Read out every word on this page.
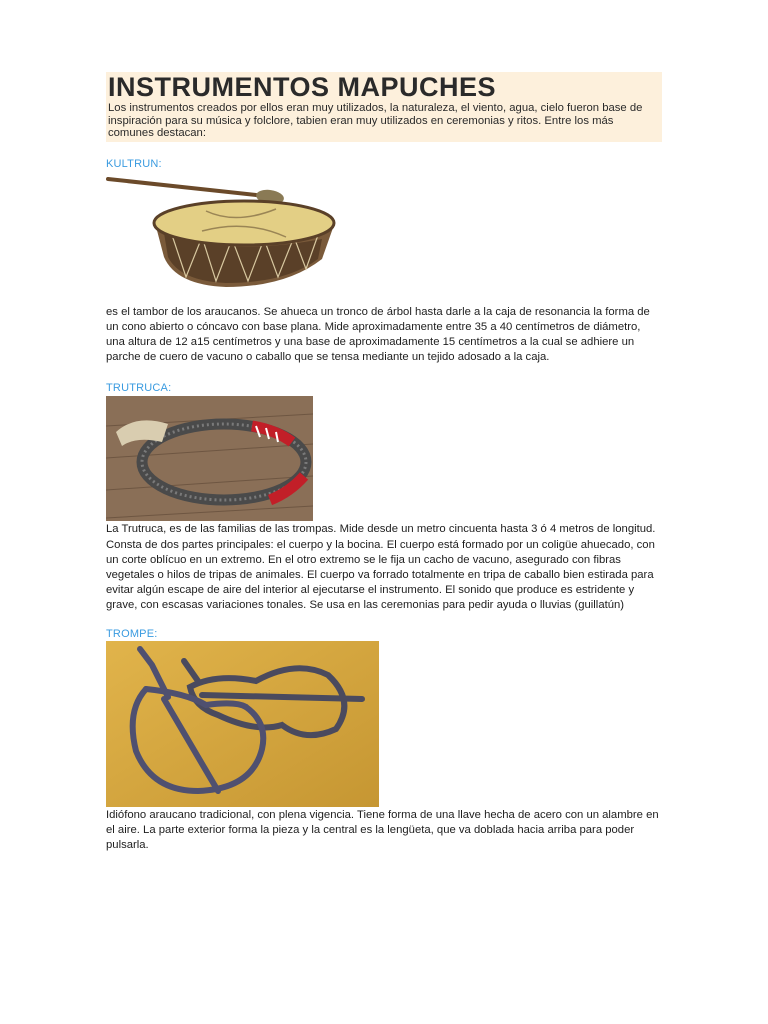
INSTRUMENTOS MAPUCHES

Los instrumentos creados por ellos eran muy utilizados, la naturaleza, el viento, agua, cielo fueron base de inspiración para su música y folclore, tabien eran muy utilizados en ceremonias y ritos. Entre los más comunes destacan:

KULTRUN:

es el tambor de los araucanos. Se ahueca un tronco de árbol hasta darle a la caja de resonancia la forma de un cono abierto o cóncavo con base plana. Mide aproximadamente entre 35 a 40 centímetros de diámetro, una altura de 12 a15 centímetros y una base de aproximadamente 15 centímetros a la cual se adhiere un parche de cuero de vacuno o caballo que se tensa mediante un tejido adosado a la caja.

TRUTRUCA:

La Trutruca, es de las familias de las trompas. Mide desde un metro cincuenta hasta 3 ó 4 metros de longitud. Consta de dos partes principales: el cuerpo y la bocina. El cuerpo está formado por un coligüe ahuecado, con un corte oblícuo en un extremo. En el otro extremo se le fija un cacho de vacuno, asegurado con fibras vegetales o hilos de tripas de animales. El cuerpo va forrado totalmente en tripa de caballo bien estirada para evitar algún escape de aire del interior al ejecutarse el instrumento. El sonido que produce es estridente y grave, con escasas variaciones tonales. Se usa en las ceremonias para pedir ayuda o lluvias (guillatún)

TROMPE:

Idiófono araucano tradicional, con plena vigencia. Tiene forma de una llave hecha de acero con un alambre en el aire. La parte exterior forma la pieza y la central es la lengüeta, que va doblada hacia arriba para poder pulsarla.
